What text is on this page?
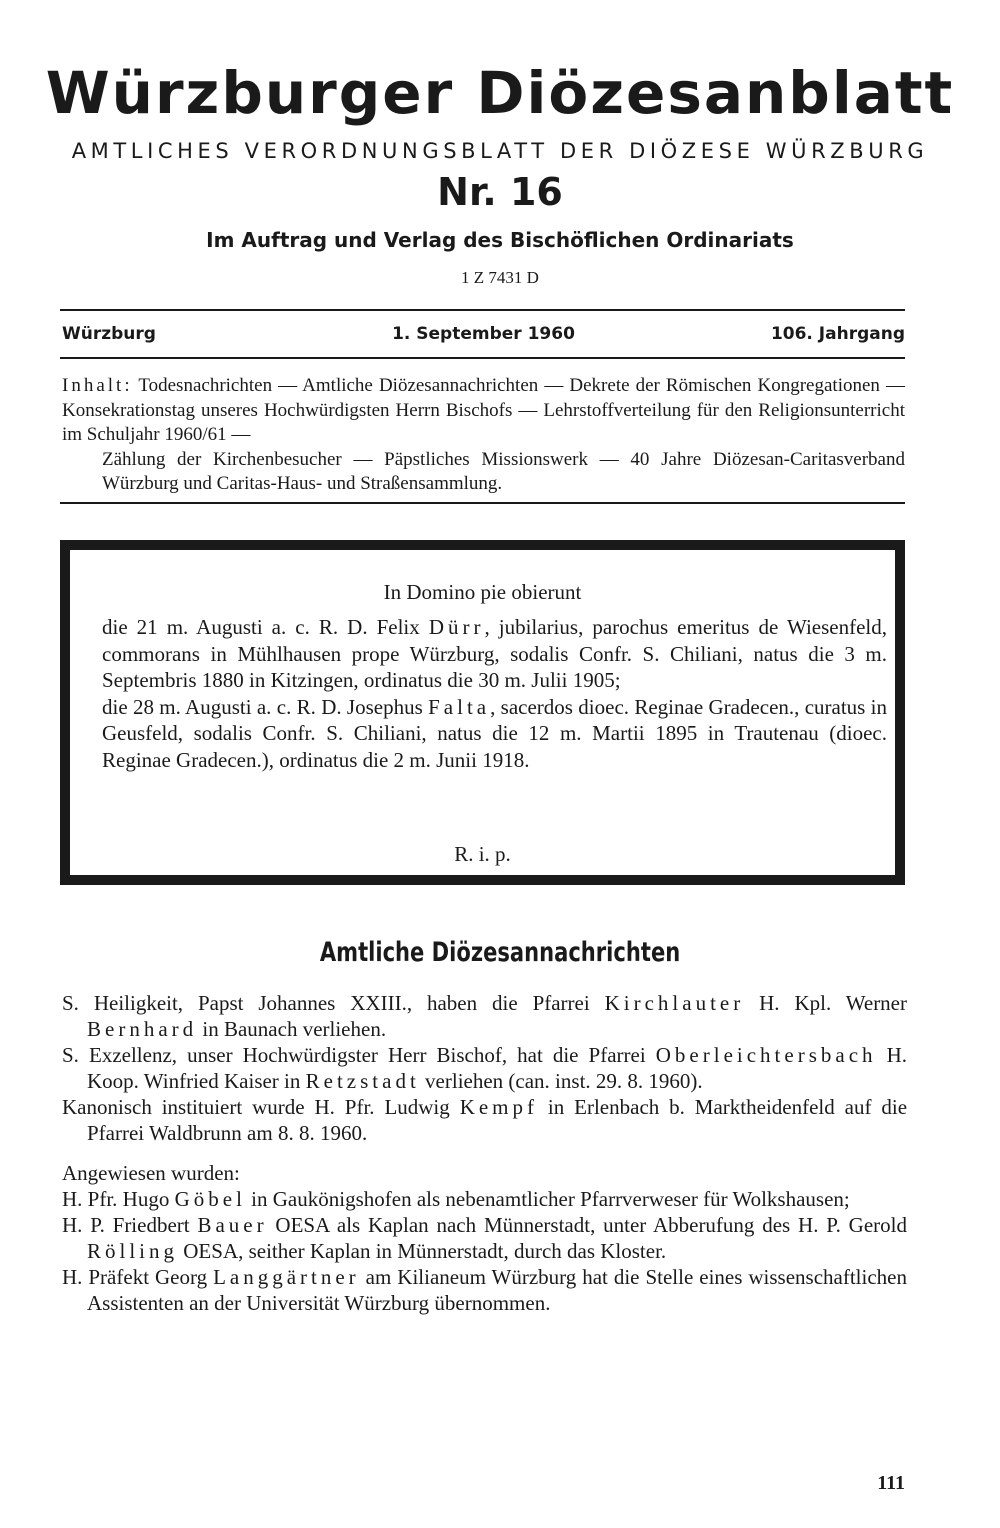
Würzburger Diözesanblatt
AMTLICHES VERORDNUNGSBLATT DER DIÖZESE WÜRZBURG
Nr. 16
Im Auftrag und Verlag des Bischöflichen Ordinariats
1 Z 7431 D
Würzburg	1. September 1960	106. Jahrgang
Inhalt: Todesnachrichten — Amtliche Diözesannachrichten — Dekrete der Römischen Kongregationen — Konsekrationstag unseres Hochwürdigsten Herrn Bischofs — Lehrstoffverteilung für den Religionsunterricht im Schuljahr 1960/61 —
Zählung der Kirchenbesucher — Päpstliches Missionswerk — 40 Jahre Diözesan-Caritasverband Würzburg und Caritas-Haus- und Straßensammlung.
In Domino pie obierunt

die 21 m. Augusti a. c. R. D. Felix Dürr, jubilarius, parochus emeritus de Wiesenfeld, commorans in Mühlhausen prope Würzburg, sodalis Confr. S. Chiliani, natus die 3 m. Septembris 1880 in Kitzingen, ordinatus die 30 m. Julii 1905;

die 28 m. Augusti a. c. R. D. Josephus Falta, sacerdos dioec. Reginae Gradecen., curatus in Geusfeld, sodalis Confr. S. Chiliani, natus die 12 m. Martii 1895 in Trautenau (dioec. Reginae Gradecen.), ordinatus die 2 m. Junii 1918.

R. i. p.
Amtliche Diözesannachrichten

S. Heiligkeit, Papst Johannes XXIII., haben die Pfarrei Kirchlauter H. Kpl. Werner Bernhard in Baunach verliehen.

S. Exzellenz, unser Hochwürdigster Herr Bischof, hat die Pfarrei Oberleichtersbach H. Koop. Winfried Kaiser in Retzstadt verliehen (can. inst. 29. 8. 1960).

Kanonisch instituiert wurde H. Pfr. Ludwig Kempf in Erlenbach b. Marktheidenfeld auf die Pfarrei Waldbrunn am 8. 8. 1960.

Angewiesen wurden:

H. Pfr. Hugo Göbel in Gaukönigshofen als nebenamtlicher Pfarrverweser für Wolkshausen;

H. P. Friedbert Bauer OESA als Kaplan nach Münnerstadt, unter Abberufung des H. P. Gerold Rölling OESA, seither Kaplan in Münnerstadt, durch das Kloster.

H. Präfekt Georg Langgärtner am Kilianeum Würzburg hat die Stelle eines wissenschaftlichen Assistenten an der Universität Würzburg übernommen.

111
